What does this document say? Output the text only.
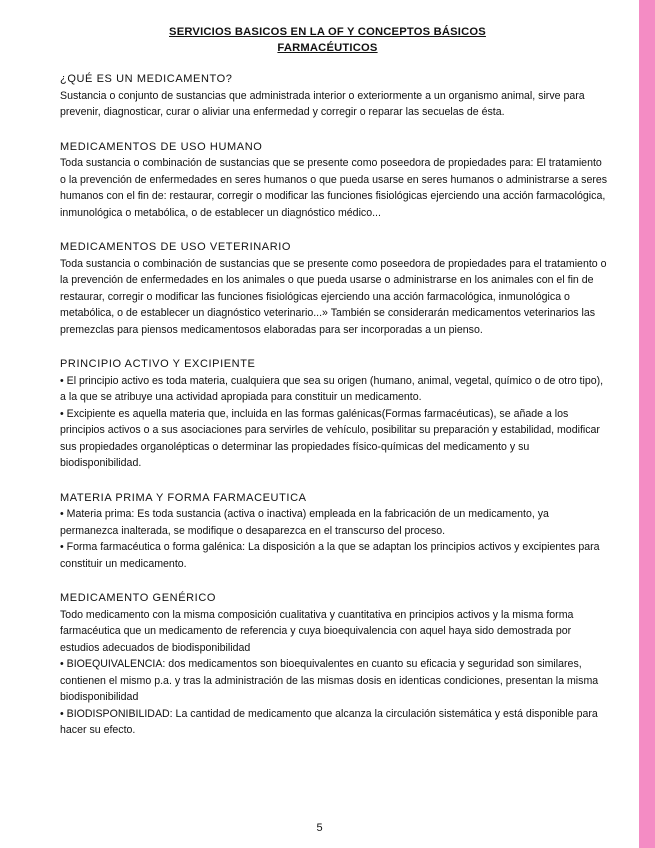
SERVICIOS BASICOS EN LA OF Y CONCEPTOS BÁSICOS
FARMACÉUTICOS
¿QUÉ ES UN MEDICAMENTO?

Sustancia o conjunto de sustancias que administrada interior o exteriormente a un organismo animal, sirve para prevenir, diagnosticar, curar o aliviar una enfermedad y corregir o reparar las secuelas de ésta.

MEDICAMENTOS DE USO HUMANO

Toda sustancia o combinación de sustancias que se presente como poseedora de propiedades para: El tratamiento o la prevención de enfermedades en seres humanos o que pueda usarse en seres humanos o administrarse a seres humanos con el fin de: restaurar, corregir o modificar las funciones fisiológicas ejerciendo una acción farmacológica, inmunológica o metabólica, o de establecer un diagnóstico médico...

MEDICAMENTOS DE USO VETERINARIO

Toda sustancia o combinación de sustancias que se presente como poseedora de propiedades para el tratamiento o la prevención de enfermedades en los animales o que pueda usarse o administrarse en los animales con el fin de restaurar, corregir o modificar las funciones fisiológicas ejerciendo una acción farmacológica, inmunológica o metabólica, o de establecer un diagnóstico veterinario...» También se considerarán medicamentos veterinarios las premezclas para piensos medicamentosos elaboradas para ser incorporadas a un pienso.

PRINCIPIO ACTIVO Y EXCIPIENTE

• El principio activo es toda materia, cualquiera que sea su origen (humano, animal, vegetal, químico o de otro tipo), a la que se atribuye una actividad apropiada para constituir un medicamento.

• Excipiente es aquella materia que, incluida en las formas galénicas(Formas farmacéuticas), se añade a los principios activos o a sus asociaciones para servirles de vehículo, posibilitar su preparación y estabilidad, modificar sus propiedades organolépticas o determinar las propiedades físico-químicas del medicamento y su biodisponibilidad.

MATERIA PRIMA Y FORMA FARMACEUTICA

• Materia prima: Es toda sustancia (activa o inactiva) empleada en la fabricación de un medicamento, ya permanezca inalterada, se modifique o desaparezca en el transcurso del proceso.

• Forma farmacéutica o forma galénica: La disposición a la que se adaptan los principios activos y excipientes para constituir un medicamento.

MEDICAMENTO GENÉRICO

Todo medicamento con la misma composición cualitativa y cuantitativa en principios activos y la misma forma farmacéutica que un medicamento de referencia y cuya bioequivalencia con aquel haya sido demostrada por estudios adecuados de biodisponibilidad

• BIOEQUIVALENCIA: dos medicamentos son bioequivalentes en cuanto su eficacia y seguridad son similares, contienen el mismo p.a. y tras la administración de las mismas dosis en identicas condiciones, presentan la misma biodisponibilidad

• BIODISPONIBILIDAD: La cantidad de medicamento que alcanza la circulación sistemática y está disponible para hacer su efecto.

5
